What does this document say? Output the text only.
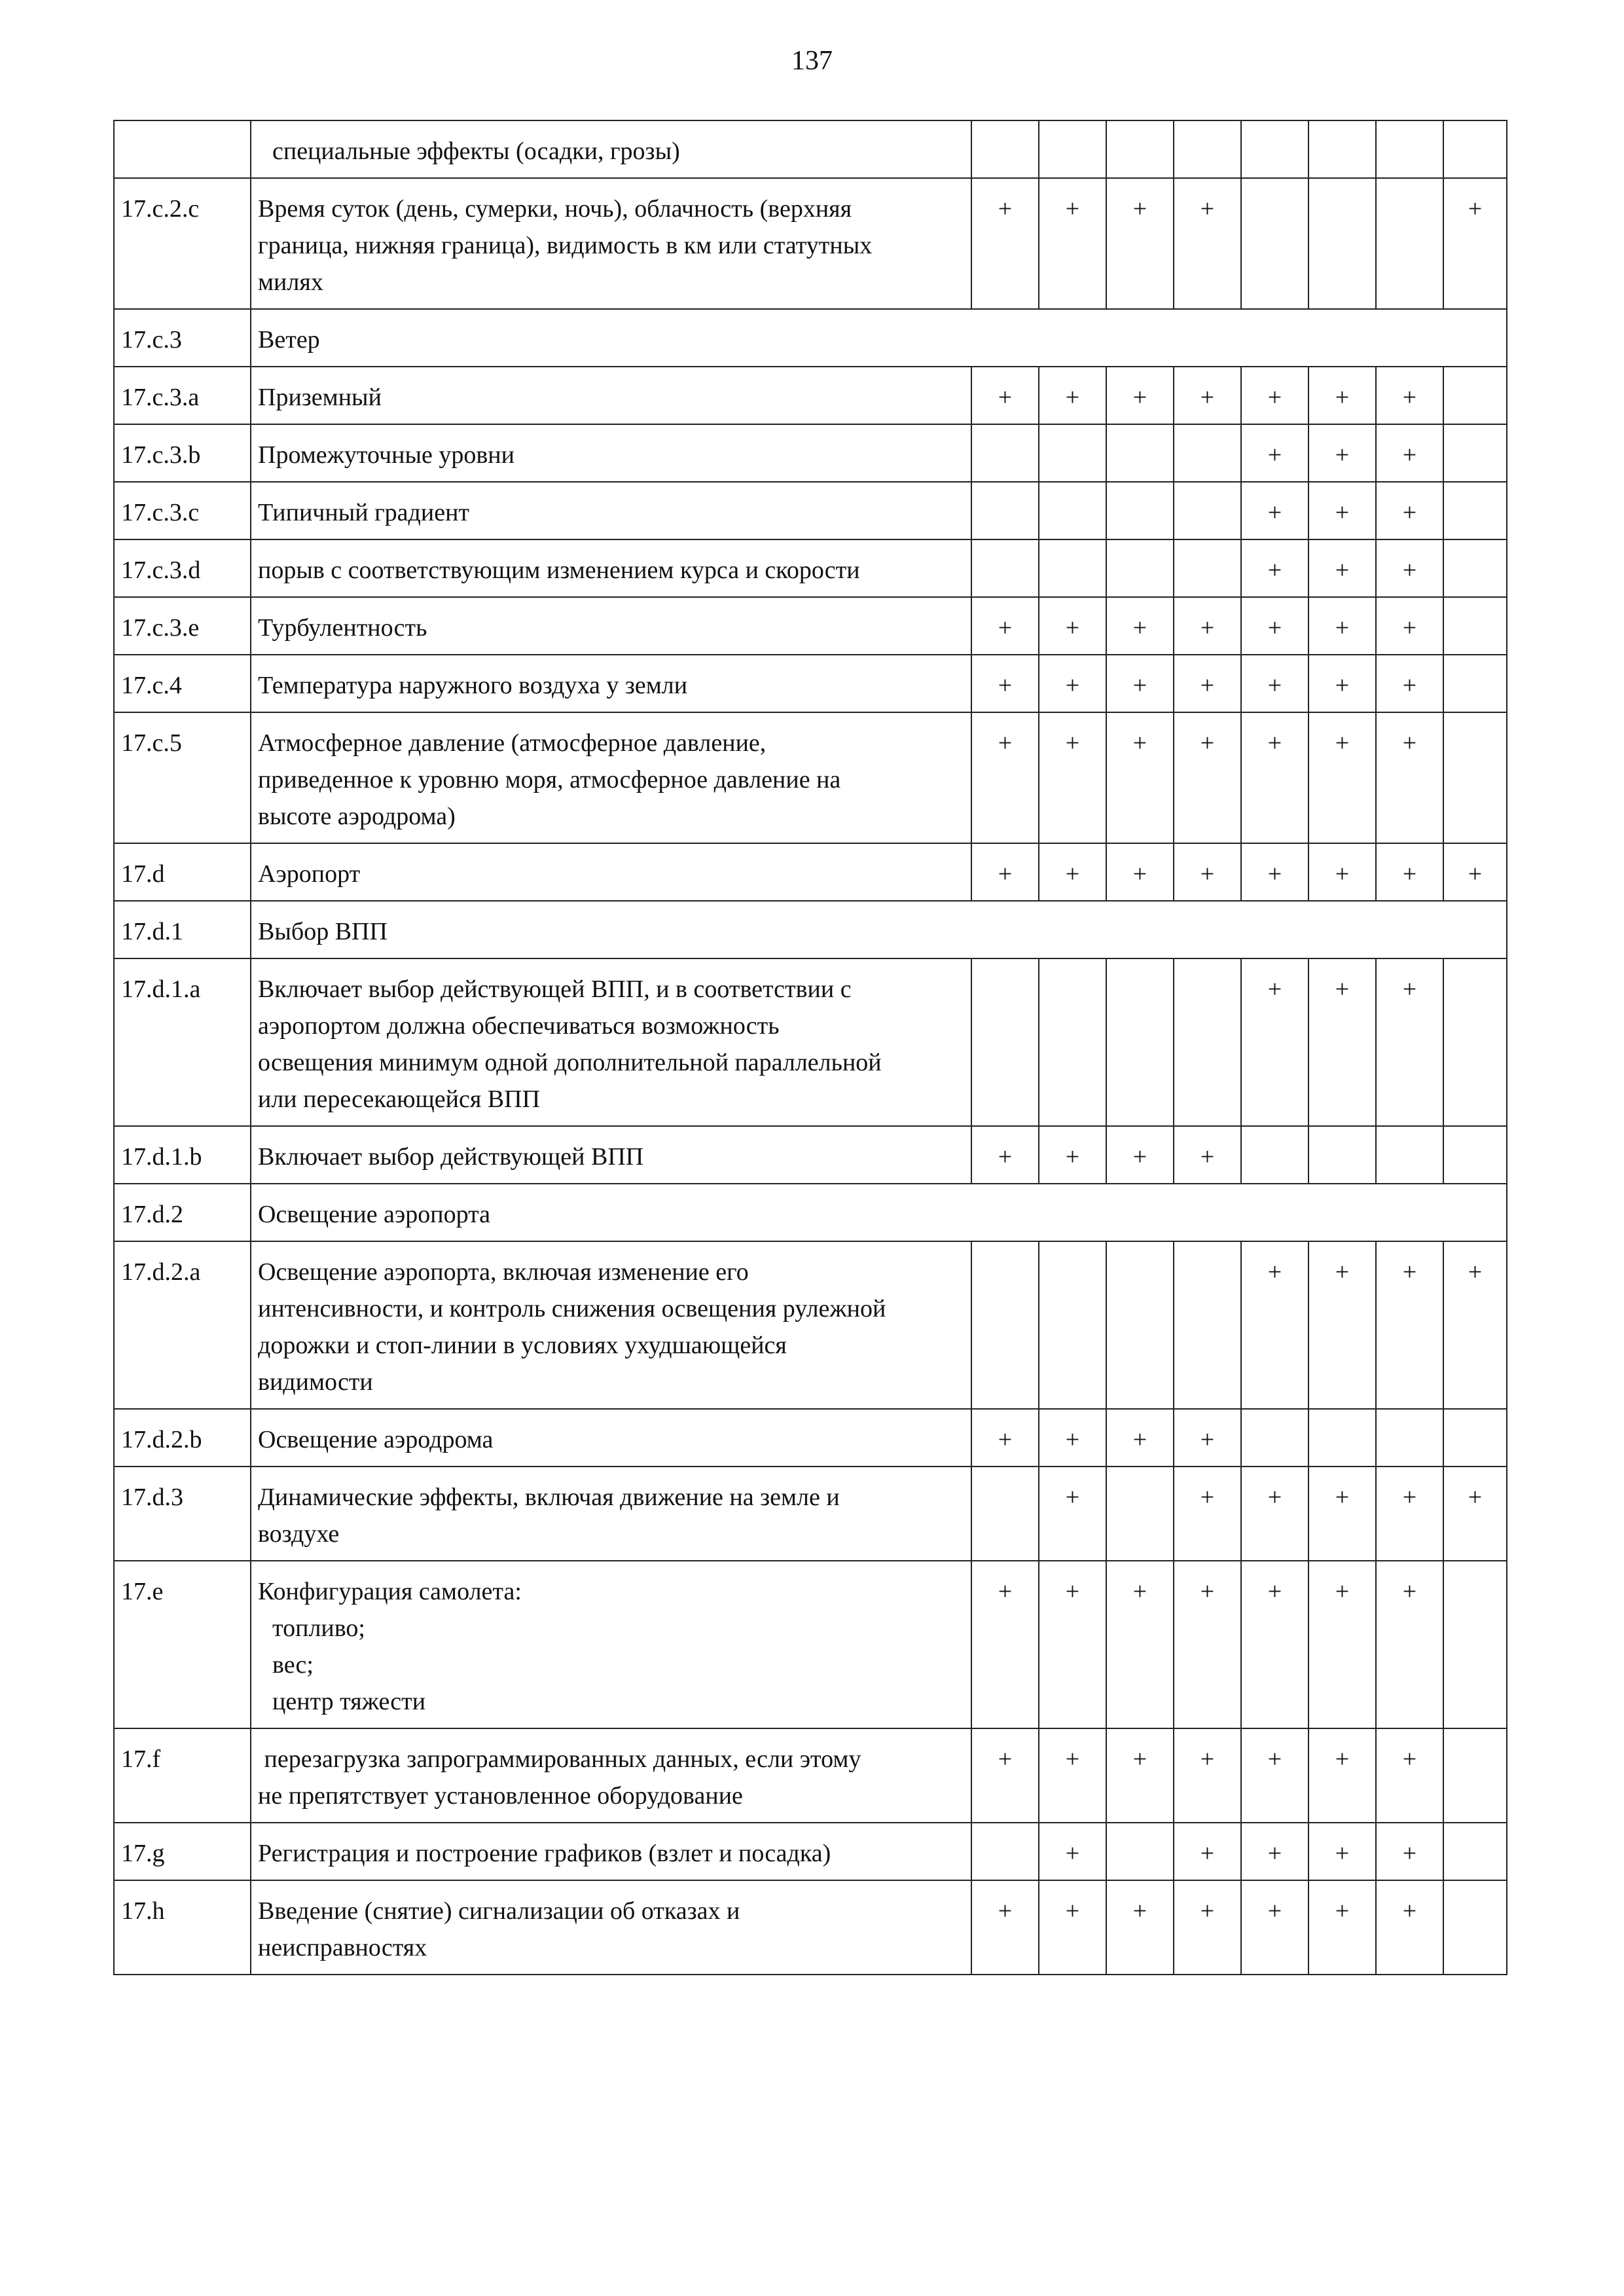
137

	специальные эффекты (осадки, грозы)								

17.c.2.c	Время суток (день, сумерки, ночь), облачность (верхняя
граница, нижняя граница), видимость в км или статутных
милях	+	+	+	+				+
17.c.3	Ветер								

17.c.3.a	Приземный	+	+	+	+	+	+	+	
17.c.3.b	Промежуточные уровни					+	+	+	
17.c.3.c	Типичный градиент					+	+	+	
17.c.3.d	порыв с соответствующим изменением курса и скорости					+	+	+	
17.c.3.e	Турбулентность	+	+	+	+	+	+	+	
17.c.4	Температура наружного воздуха у земли	+	+	+	+	+	+	+	
17.c.5	Атмосферное давление (атмосферное давление,
приведенное к уровню моря, атмосферное давление на
высоте аэродрома)	+	+	+	+	+	+	+	
17.d	Аэропорт	+	+	+	+	+	+	+	+
17.d.1	Выбор ВПП								

17.d.1.a	Включает выбор действующей ВПП, и в соответствии с
аэропортом должна обеспечиваться возможность
освещения минимум одной дополнительной параллельной
или пересекающейся ВПП					+	+	+	
17.d.1.b	Включает выбор действующей ВПП	+	+	+	+				
17.d.2	Освещение аэропорта								

17.d.2.a	Освещение аэропорта, включая изменение его
интенсивности, и контроль снижения освещения рулежной
дорожки и стоп-линии в условиях ухудшающейся
видимости					+	+	+	+
17.d.2.b	Освещение аэродрома	+	+	+	+				
17.d.3	Динамические эффекты, включая движение на земле и
воздухе		+		+	+	+	+	+
17.e	Конфигурация самолета:
топливо;
вес;
центр тяжести	+	+	+	+	+	+	+	
17.f	перезагрузка запрограммированных данных, если этому
не препятствует установленное оборудование	+	+	+	+	+	+	+	
17.g	Регистрация и построение графиков (взлет и посадка)		+		+	+	+	+	
17.h	Введение (снятие) сигнализации об отказах и
неисправностях	+	+	+	+	+	+	+	
